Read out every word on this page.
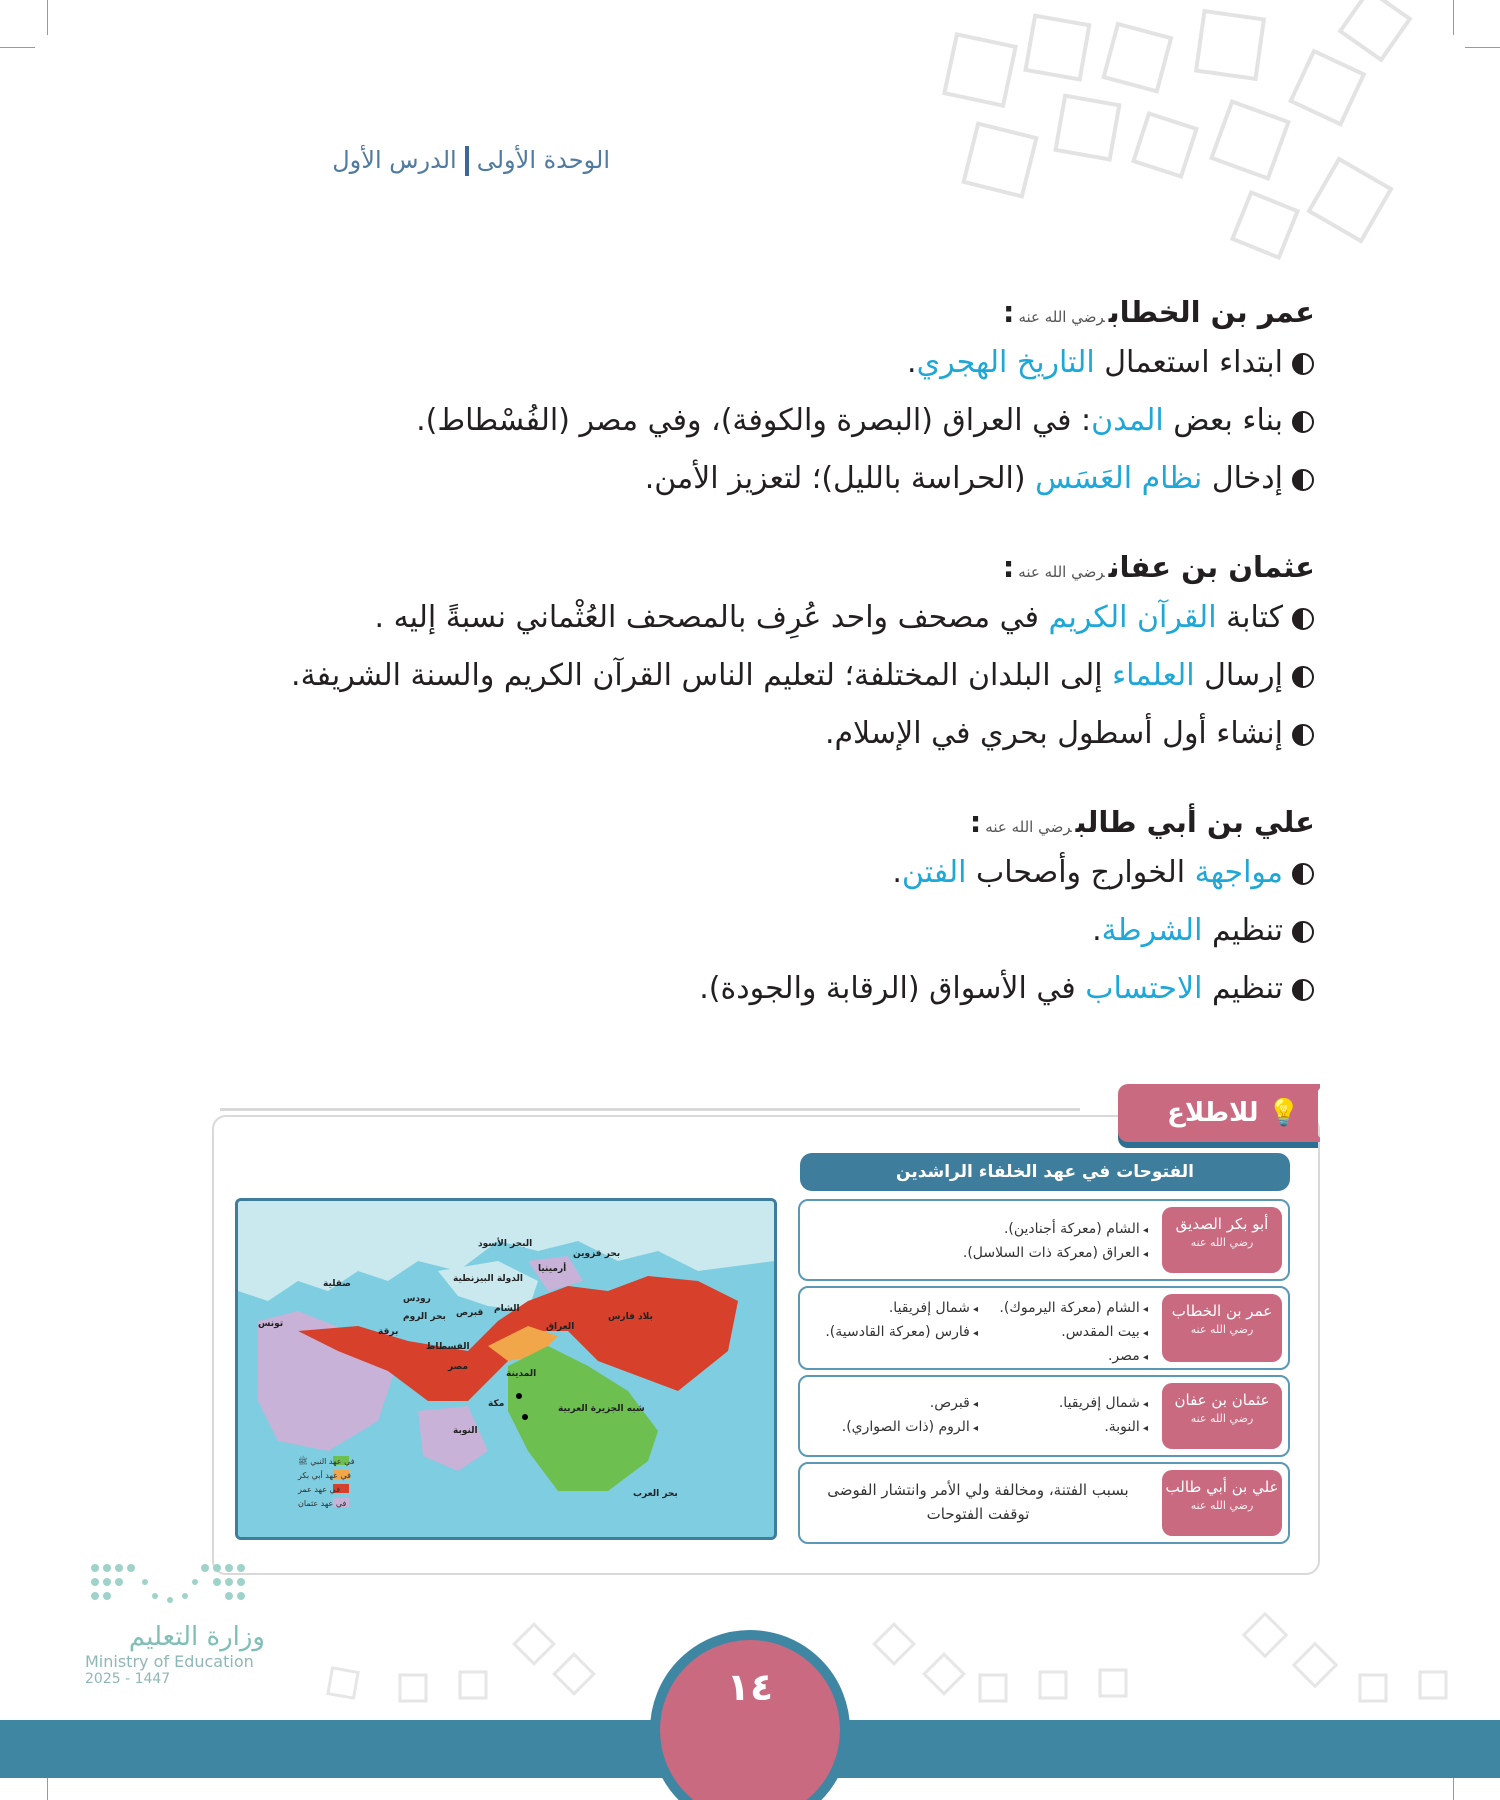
الوحدة الأولىالدرس الأول
عمر بن الخطابرضي الله عنه:
ابتداء استعمال التاريخ الهجري.
بناء بعض المدن: في العراق (البصرة والكوفة)، وفي مصر (الفُسْطاط).
إدخال نظام العَسَس (الحراسة بالليل)؛ لتعزيز الأمن.
عثمان بن عفانرضي الله عنه:
كتابة القرآن الكريم في مصحف واحد عُرِف بالمصحف العُثْماني نسبةً إليه .
إرسال العلماء إلى البلدان المختلفة؛ لتعليم الناس القرآن الكريم والسنة الشريفة.
إنشاء أول أسطول بحري في الإسلام.
علي بن أبي طالبرضي الله عنه:
مواجهة الخوارج وأصحاب الفتن.
تنظيم الشرطة.
تنظيم الاحتساب في الأسواق (الرقابة والجودة).
💡 للاطلاع
الفتوحات في عهد الخلفاء الراشدين
أبو بكر الصديق
رضي الله عنه
◂ الشام (معركة أجنادين).
◂ العراق (معركة ذات السلاسل).
عمر بن الخطاب
رضي الله عنه
◂ الشام (معركة اليرموك).
◂ شمال إفريقيا.
◂ بيت المقدس.
◂ فارس (معركة القادسية).
◂ مصر.
عثمان بن عفان
رضي الله عنه
◂ شمال إفريقيا.
◂ قبرص.
◂ النوبة.
◂ الروم (ذات الصواري).
علي بن أبي طالب
رضي الله عنه
بسبب الفتنة، ومخالفة ولي الأمر وانتشار الفوضى توقفت الفتوحات
في عهد النبي ﷺ
في عهد أبي بكر
في عهد عمر
في عهد عثمان
أرمينيا
بحر قزوين
البحر الأسود
الدولة البيزنطية
صقلية
رودس
قبرص
بحر الروم
تونس
برقة
الفسطاط
مصر
الشام
العراق
بلاد فارس
المدينة
مكة	شبه الجزيرة العربية
النوبة
بحر العرب
وزارة التعليم
Ministry of Education
2025 - 1447	١٤
